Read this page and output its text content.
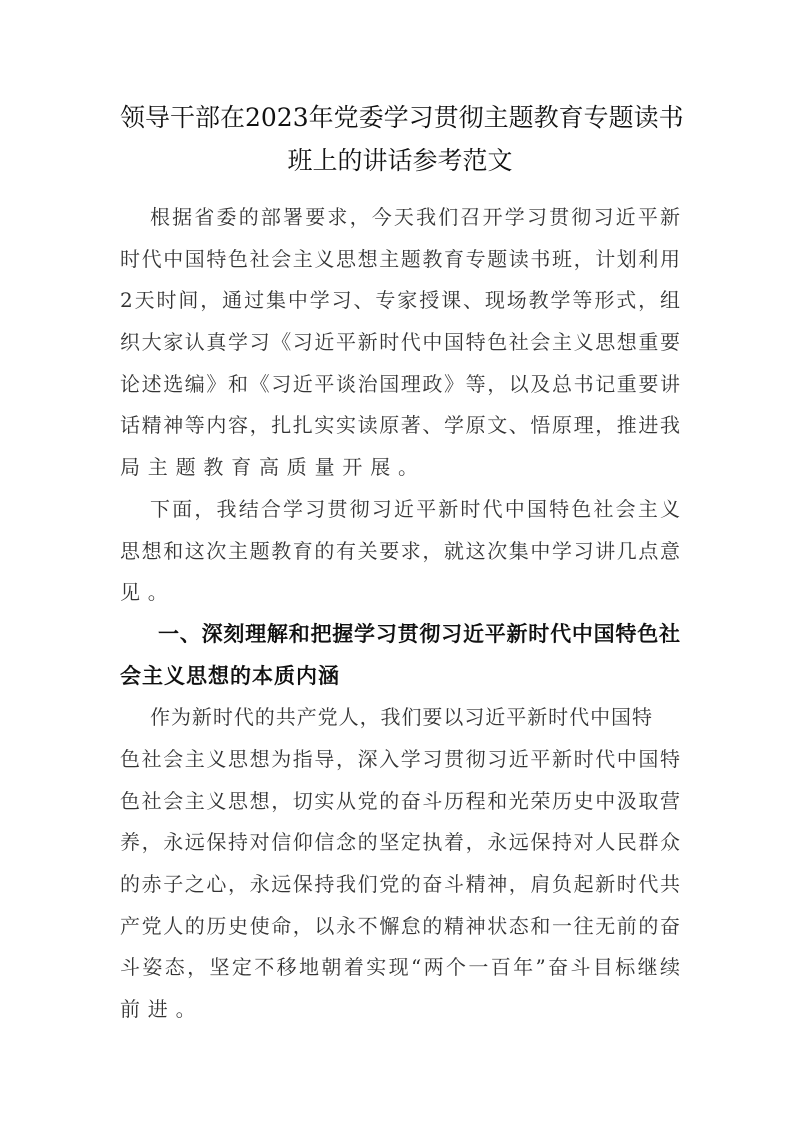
领导干部在2023年党委学习贯彻主题教育专题读书
班上的讲话参考范文
根据省委的部署要求，今天我们召开学习贯彻习近平新
时代中国特色社会主义思想主题教育专题读书班，计划利用
2天时间，通过集中学习、专家授课、现场教学等形式，组
织大家认真学习《习近平新时代中国特色社会主义思想重要
论述选编》和《习近平谈治国理政》等，以及总书记重要讲
话精神等内容，扎扎实实读原著、学原文、悟原理，推进我
局主题教育高质量开展。
下面，我结合学习贯彻习近平新时代中国特色社会主义
思想和这次主题教育的有关要求，就这次集中学习讲几点意
见。
一、深刻理解和把握学习贯彻习近平新时代中国特色社
会主义思想的本质内涵
作为新时代的共产党人，我们要以习近平新时代中国特
色社会主义思想为指导，深入学习贯彻习近平新时代中国特
色社会主义思想，切实从党的奋斗历程和光荣历史中汲取营
养，永远保持对信仰信念的坚定执着，永远保持对人民群众
的赤子之心，永远保持我们党的奋斗精神，肩负起新时代共
产党人的历史使命，以永不懈怠的精神状态和一往无前的奋
斗姿态，坚定不移地朝着实现“两个一百年”奋斗目标继续
前进。
